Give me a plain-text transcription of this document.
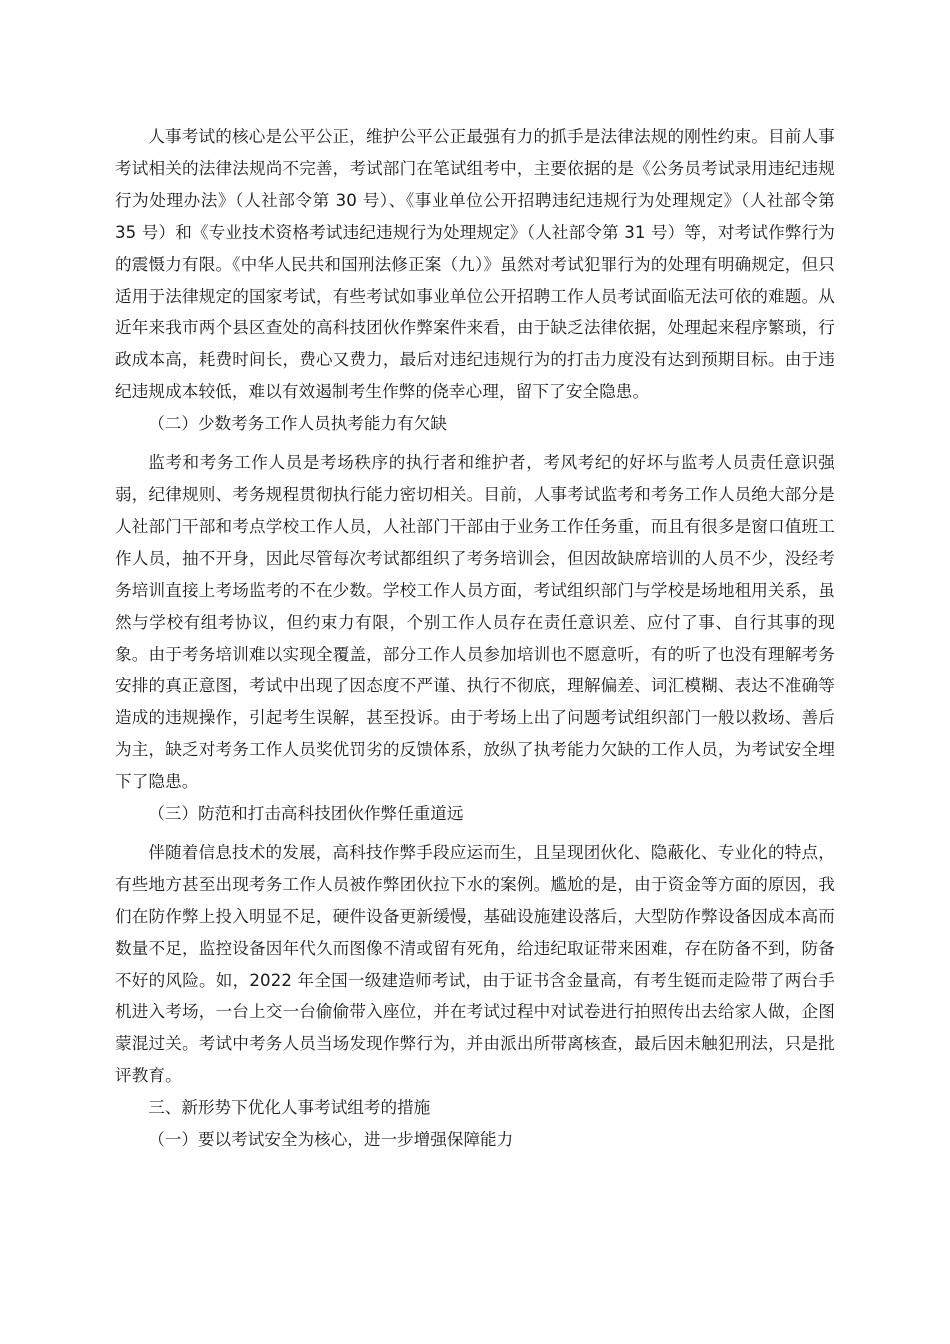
人事考试的核心是公平公正，维护公平公正最强有力的抓手是法律法规的刚性约束。目前人事考试相关的法律法规尚不完善，考试部门在笔试组考中，主要依据的是《公务员考试录用违纪违规行为处理办法》（人社部令第 30 号）、《事业单位公开招聘违纪违规行为处理规定》（人社部令第 35 号）和《专业技术资格考试违纪违规行为处理规定》（人社部令第 31 号）等，对考试作弊行为的震慑力有限。《中华人民共和国刑法修正案（九）》虽然对考试犯罪行为的处理有明确规定，但只适用于法律规定的国家考试，有些考试如事业单位公开招聘工作人员考试面临无法可依的难题。从近年来我市两个县区查处的高科技团伙作弊案件来看，由于缺乏法律依据，处理起来程序繁琐，行政成本高，耗费时间长，费心又费力，最后对违纪违规行为的打击力度没有达到预期目标。由于违纪违规成本较低，难以有效遏制考生作弊的侥幸心理，留下了安全隐患。

（二）少数考务工作人员执考能力有欠缺

监考和考务工作人员是考场秩序的执行者和维护者，考风考纪的好坏与监考人员责任意识强弱，纪律规则、考务规程贯彻执行能力密切相关。目前，人事考试监考和考务工作人员绝大部分是人社部门干部和考点学校工作人员，人社部门干部由于业务工作任务重，而且有很多是窗口值班工作人员，抽不开身，因此尽管每次考试都组织了考务培训会，但因故缺席培训的人员不少，没经考务培训直接上考场监考的不在少数。学校工作人员方面，考试组织部门与学校是场地租用关系，虽然与学校有组考协议，但约束力有限，个别工作人员存在责任意识差、应付了事、自行其事的现象。由于考务培训难以实现全覆盖，部分工作人员参加培训也不愿意听，有的听了也没有理解考务安排的真正意图，考试中出现了因态度不严谨、执行不彻底，理解偏差、词汇模糊、表达不准确等造成的违规操作，引起考生误解，甚至投诉。由于考场上出了问题考试组织部门一般以救场、善后为主，缺乏对考务工作人员奖优罚劣的反馈体系，放纵了执考能力欠缺的工作人员，为考试安全埋下了隐患。

（三）防范和打击高科技团伙作弊任重道远

伴随着信息技术的发展，高科技作弊手段应运而生，且呈现团伙化、隐蔽化、专业化的特点，有些地方甚至出现考务工作人员被作弊团伙拉下水的案例。尴尬的是，由于资金等方面的原因，我们在防作弊上投入明显不足，硬件设备更新缓慢，基础设施建设落后，大型防作弊设备因成本高而数量不足，监控设备因年代久而图像不清或留有死角，给违纪取证带来困难，存在防备不到，防备不好的风险。如，2022 年全国一级建造师考试，由于证书含金量高，有考生铤而走险带了两台手机进入考场，一台上交一台偷偷带入座位，并在考试过程中对试卷进行拍照传出去给家人做，企图蒙混过关。考试中考务人员当场发现作弊行为，并由派出所带离核查，最后因未触犯刑法，只是批评教育。

三、新形势下优化人事考试组考的措施

（一）要以考试安全为核心，进一步增强保障能力
